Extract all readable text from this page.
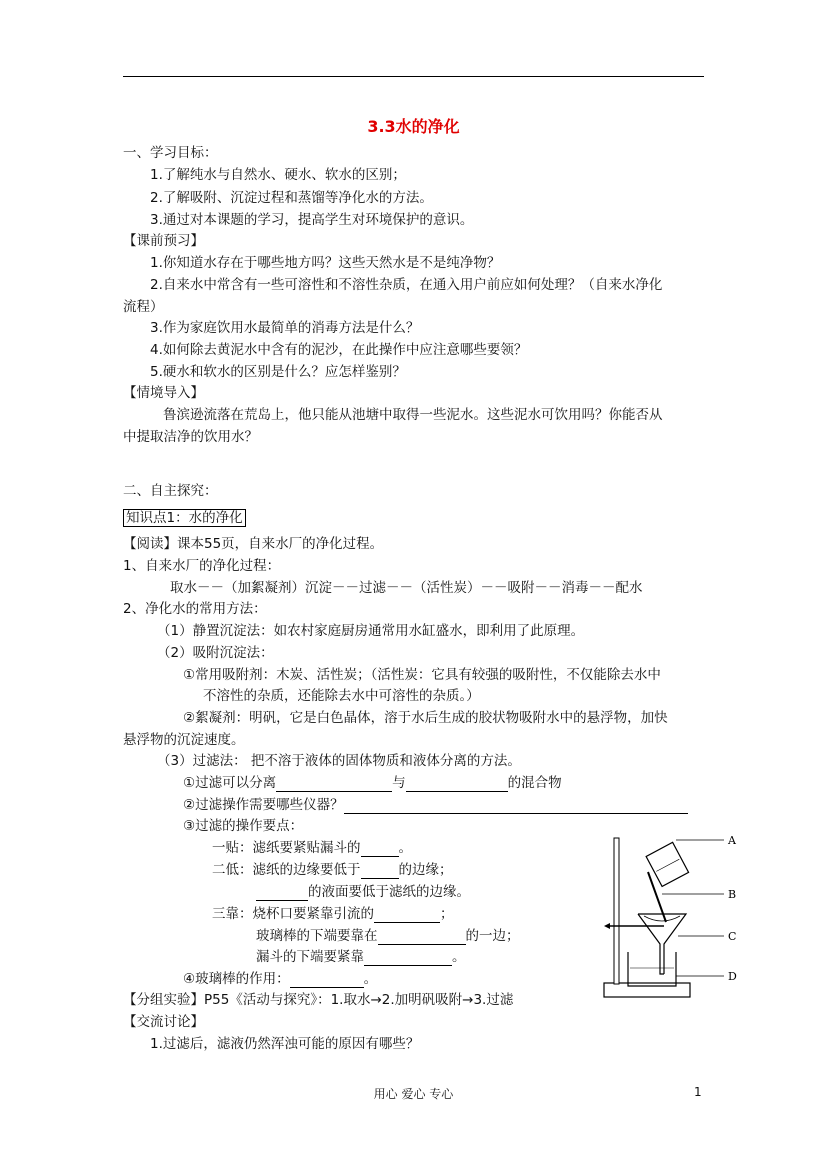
3.3水的净化
一、学习目标：
1.了解纯水与自然水、硬水、软水的区别；
2.了解吸附、沉淀过程和蒸馏等净化水的方法。
3.通过对本课题的学习，提高学生对环境保护的意识。
【课前预习】
1.你知道水存在于哪些地方吗？这些天然水是不是纯净物？
2.自来水中常含有一些可溶性和不溶性杂质，在通入用户前应如何处理？（自来水净化
流程）
3.作为家庭饮用水最简单的消毒方法是什么？
4.如何除去黄泥水中含有的泥沙，在此操作中应注意哪些要领？
5.硬水和软水的区别是什么？应怎样鉴别？
【情境导入】
鲁滨逊流落在荒岛上，他只能从池塘中取得一些泥水。这些泥水可饮用吗？你能否从
中提取洁净的饮用水？
二、自主探究：
知识点1：水的净化
【阅读】课本55页，自来水厂的净化过程。
1、自来水厂的净化过程：
取水－－（加絮凝剂）沉淀－－过滤－－（活性炭）－－吸附－－消毒－－配水
2、净化水的常用方法：
（1）静置沉淀法：如农村家庭厨房通常用水缸盛水，即利用了此原理。
（2）吸附沉淀法：
①常用吸附剂：木炭、活性炭；（活性炭：它具有较强的吸附性，不仅能除去水中
不溶性的杂质，还能除去水中可溶性的杂质。）
②絮凝剂：明矾，它是白色晶体，溶于水后生成的胶状物吸附水中的悬浮物，加快
悬浮物的沉淀速度。
（3）过滤法： 把不溶于液体的固体物质和液体分离的方法。
①过滤可以分离	与	的混合物
②过滤操作需要哪些仪器？
③过滤的操作要点：
一贴：滤纸要紧贴漏斗的	。
二低：滤纸的边缘要低于	的边缘；
的液面要低于滤纸的边缘。
三靠：烧杯口要紧靠引流的	；
玻璃棒的下端要靠在	的一边；
漏斗的下端要紧靠	。
④玻璃棒的作用：	。
【分组实验】P55《活动与探究》：1.取水→2.加明矾吸附→3.过滤
【交流讨论】
1.过滤后，滤液仍然浑浊可能的原因有哪些？
A
B
C
D
用心 爱心 专心	1
